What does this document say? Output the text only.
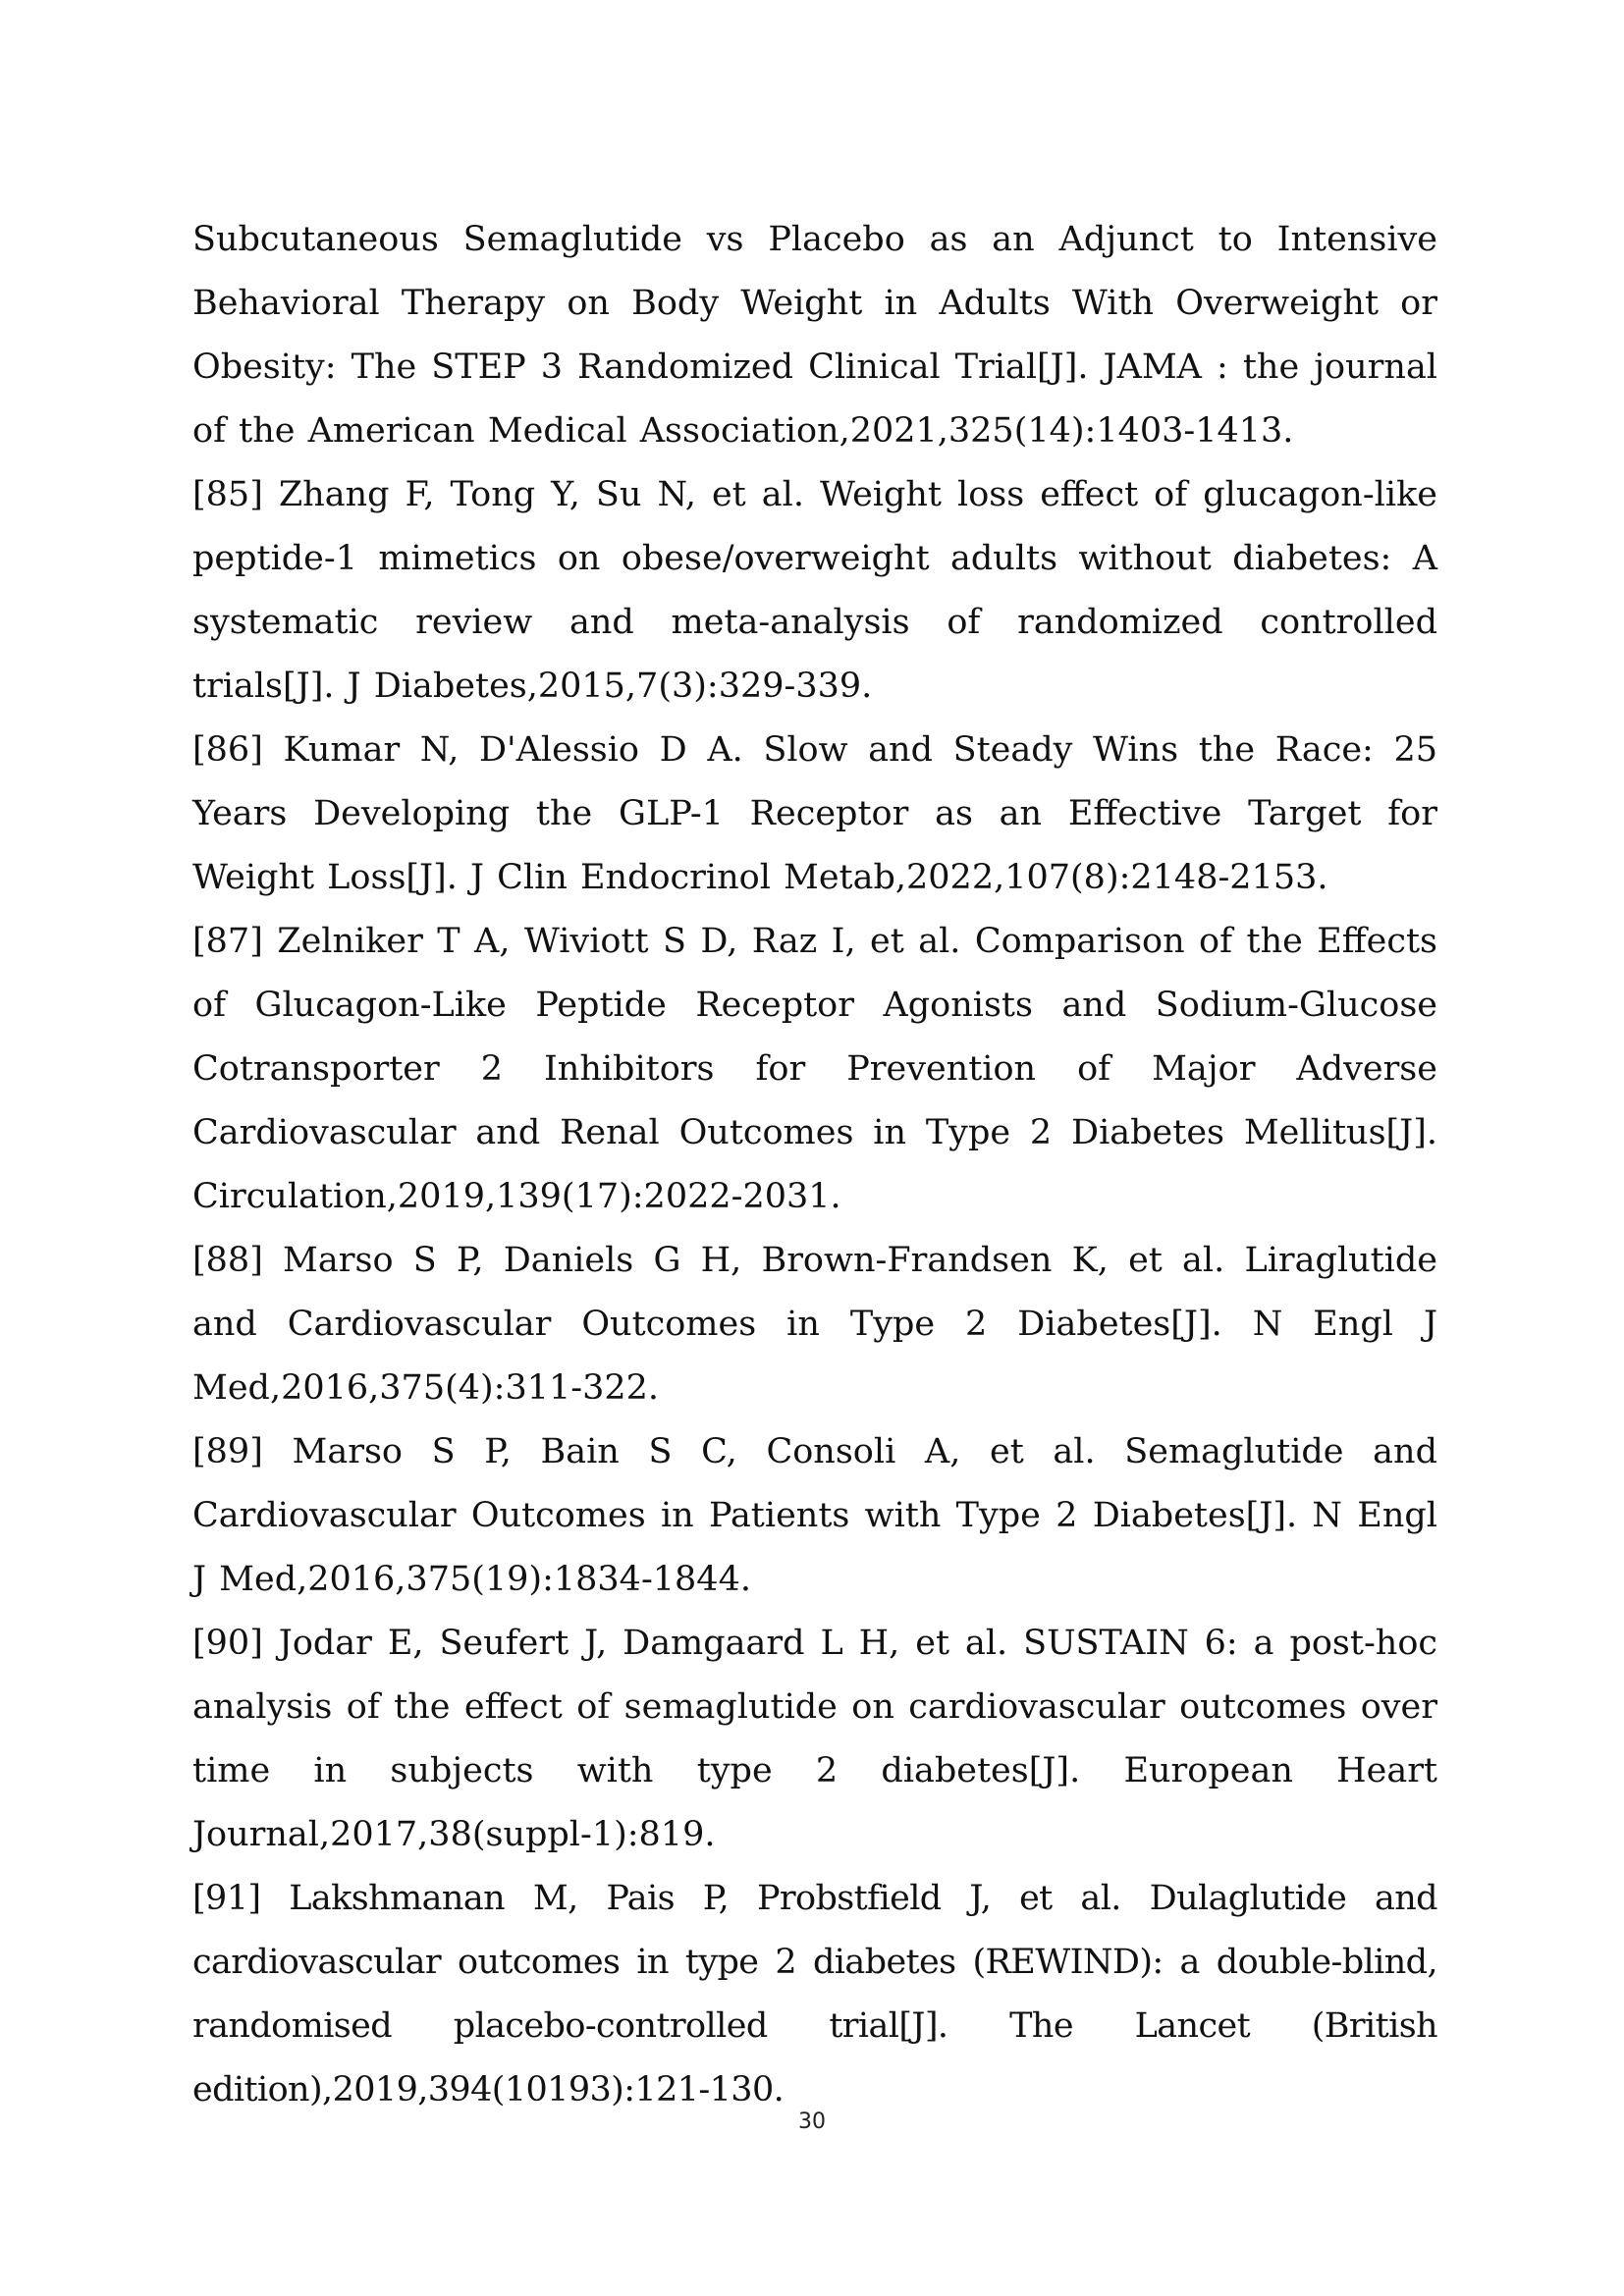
Subcutaneous Semaglutide vs Placebo as an Adjunct to Intensive Behavioral Therapy on Body Weight in Adults With Overweight or Obesity: The STEP 3 Randomized Clinical Trial[J]. JAMA : the journal of the American Medical Association,2021,325(14):1403-1413.

[85] Zhang F, Tong Y, Su N, et al. Weight loss effect of glucagon-like peptide-1 mimetics on obese/overweight adults without diabetes: A systematic review and meta-analysis of randomized controlled trials[J]. J Diabetes,2015,7(3):329-339.

[86] Kumar N, D'Alessio D A. Slow and Steady Wins the Race: 25 Years Developing the GLP-1 Receptor as an Effective Target for Weight Loss[J]. J Clin Endocrinol Metab,2022,107(8):2148-2153.

[87] Zelniker T A, Wiviott S D, Raz I, et al. Comparison of the Effects of Glucagon-Like Peptide Receptor Agonists and Sodium-Glucose Cotransporter 2 Inhibitors for Prevention of Major Adverse Cardiovascular and Renal Outcomes in Type 2 Diabetes Mellitus[J]. Circulation,2019,139(17):2022-2031.

[88] Marso S P, Daniels G H, Brown-Frandsen K, et al. Liraglutide and Cardiovascular Outcomes in Type 2 Diabetes[J]. N Engl J Med,2016,375(4):311-322.

[89] Marso S P, Bain S C, Consoli A, et al. Semaglutide and Cardiovascular Outcomes in Patients with Type 2 Diabetes[J]. N Engl J Med,2016,375(19):1834-1844.

[90] Jodar E, Seufert J, Damgaard L H, et al. SUSTAIN 6: a post-hoc analysis of the effect of semaglutide on cardiovascular outcomes over time in subjects with type 2 diabetes[J]. European Heart Journal,2017,38(suppl-1):819.

[91] Lakshmanan M, Pais P, Probstfield J, et al. Dulaglutide and cardiovascular outcomes in type 2 diabetes (REWIND): a double-blind, randomised placebo-controlled trial[J]. The Lancet (British edition),2019,394(10193):121-130.

30
